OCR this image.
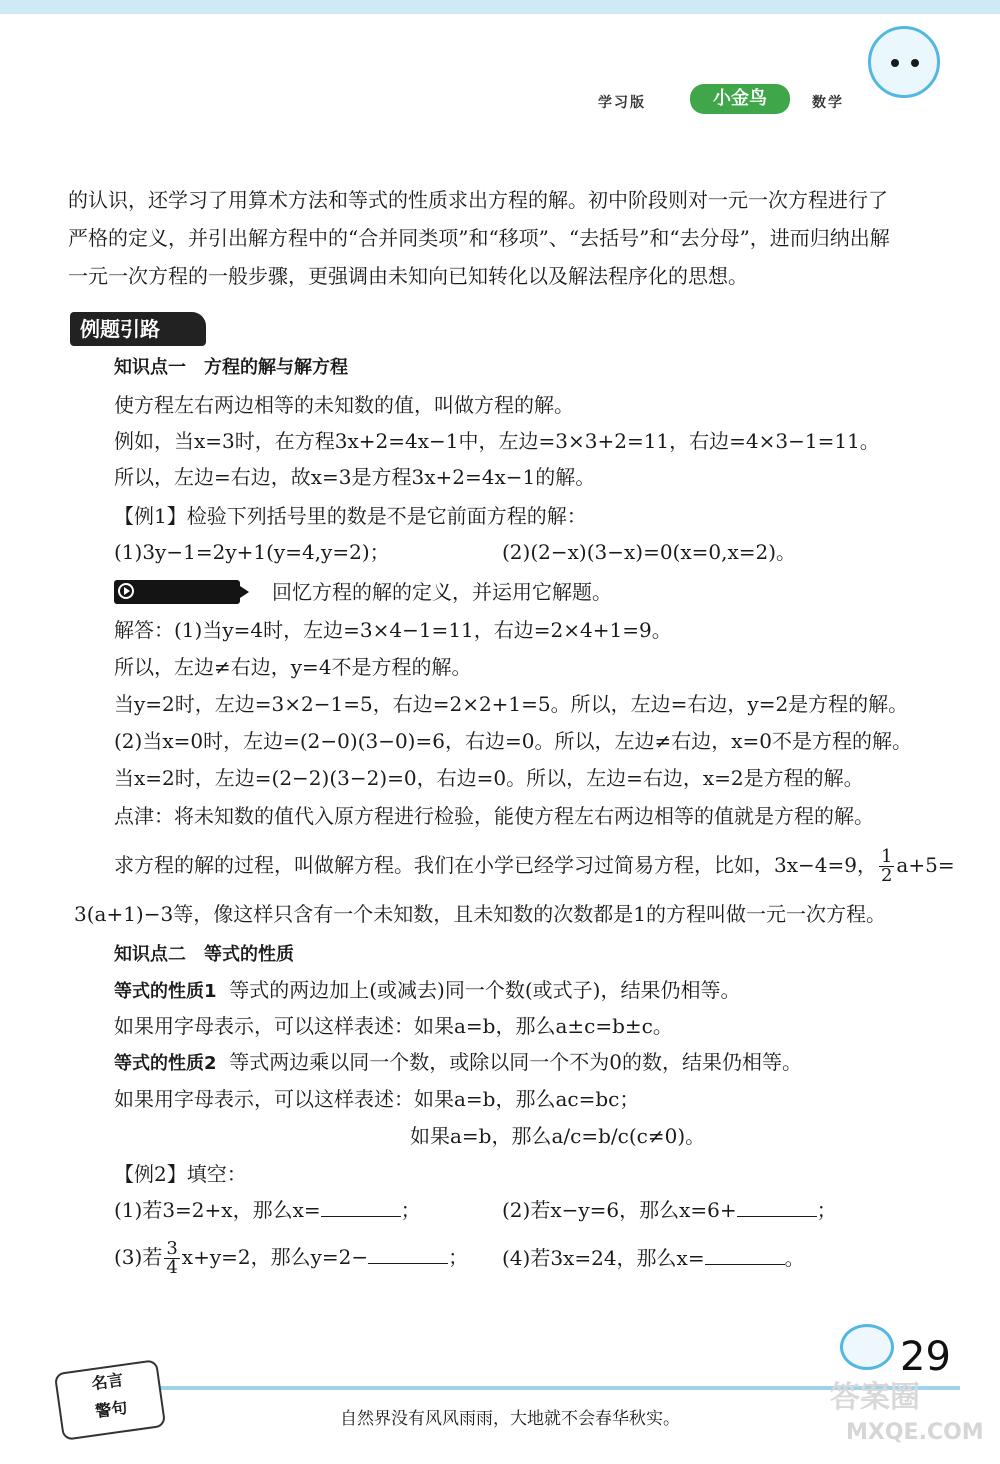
学习版	小金鸟	数学
的认识，还学习了用算术方法和等式的性质求出方程的解。初中阶段则对一元一次方程进行了
严格的定义，并引出解方程中的“合并同类项”和“移项”、“去括号”和“去分母”，进而归纳出解
一元一次方程的一般步骤，更强调由未知向已知转化以及解法程序化的思想。
例题引路
知识点一　方程的解与解方程
使方程左右两边相等的未知数的值，叫做方程的解。
例如，当x=3时，在方程3x+2=4x−1中，左边=3×3+2=11，右边=4×3−1=11。
所以，左边=右边，故x=3是方程3x+2=4x−1的解。
【例1】检验下列括号里的数是不是它前面方程的解：
(1)3y−1=2y+1(y=4,y=2)；	(2)(2−x)(3−x)=0(x=0,x=2)。
回忆方程的解的定义，并运用它解题。
解答：(1)当y=4时，左边=3×4−1=11，右边=2×4+1=9。
所以，左边≠右边，y=4不是方程的解。
当y=2时，左边=3×2−1=5，右边=2×2+1=5。所以，左边=右边，y=2是方程的解。
(2)当x=0时，左边=(2−0)(3−0)=6，右边=0。所以，左边≠右边，x=0不是方程的解。
当x=2时，左边=(2−2)(3−2)=0，右边=0。所以，左边=右边，x=2是方程的解。
点津：将未知数的值代入原方程进行检验，能使方程左右两边相等的值就是方程的解。
求方程的解的过程，叫做解方程。我们在小学已经学习过简易方程，比如，3x−4=9， $\frac{1}{2} a+5=$
3(a+1)−3等，像这样只含有一个未知数，且未知数的次数都是1的方程叫做一元一次方程。
知识点二　等式的性质
等式的性质1 等式的两边加上(或减去)同一个数(或式子)，结果仍相等。
如果用字母表示，可以这样表述：如果a=b，那么a±c=b±c。
等式的性质2 等式两边乘以同一个数，或除以同一个不为0的数，结果仍相等。
如果用字母表示，可以这样表述：如果a=b，那么ac=bc；
如果a=b，那么a/c=b/c(c≠0)。
【例2】填空：
(1)若3=2+x，那么x=	；	(2)若x−y=6，那么x=6+	；
(3)若 $\frac{3}{4} x+y=2$，那么y=2−	； (4)若3x=24，那么x=	。
29
名言
警句	自然界没有风风雨雨，大地就不会春华秋实。
答案圈
MXQE.COM
